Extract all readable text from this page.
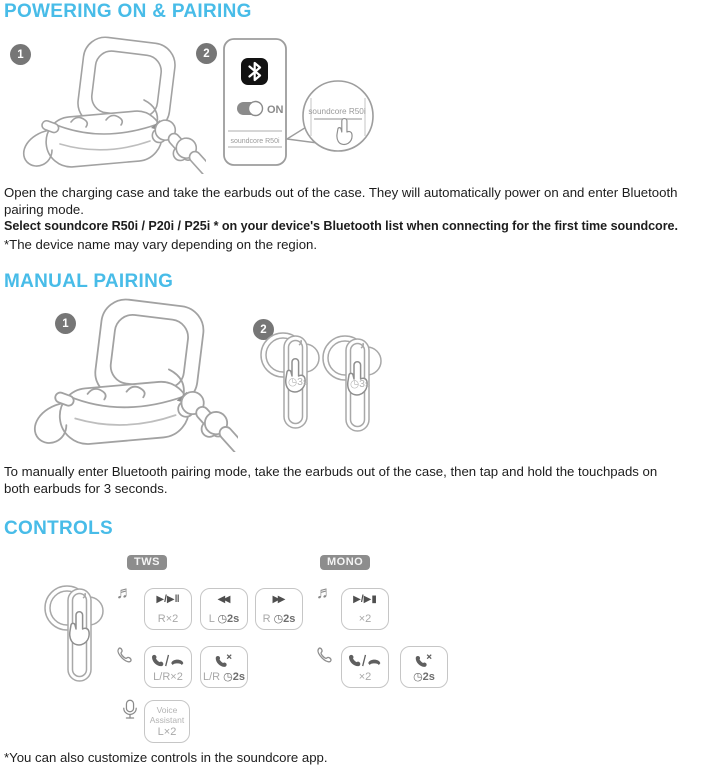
POWERING ON & PAIRING
1	2
ON
soundcore R50i
soundcore R50i
Open the charging case and take the earbuds out of the case. They will automatically power on and enter Bluetooth
pairing mode.
Select soundcore R50i / P20i / P25i * on your device's Bluetooth list when connecting for the first time soundcore.
*The device name may vary depending on the region.
MANUAL PAIRING
1	2
◷3s	◷3s
To manually enter Bluetooth pairing mode, take the earbuds out of the case, then tap and hold the touchpads on
both earbuds for 3 seconds.
CONTROLS
TWS	MONO
♬ ▶/▶‖
R×2
◀◀
L ◷2s
▶▶
R ◷2s
L/R×2 L/R ◷2s
Voice
Assistant
L×2
♬ ▶/▶▮
×2
×2	◷2s
*You can also customize controls in the soundcore app.
